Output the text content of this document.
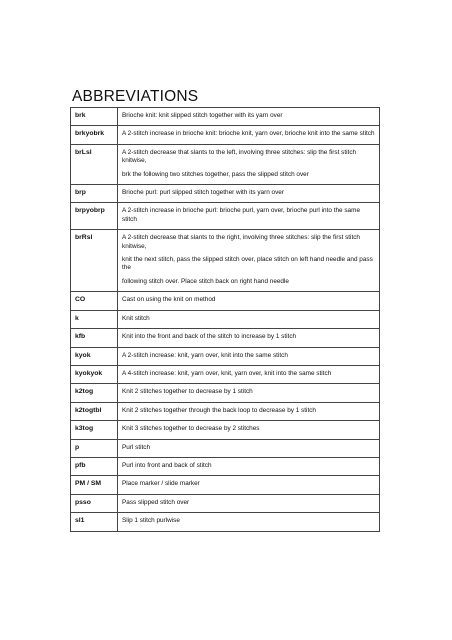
ABBREVIATIONS
brk	Brioche knit: knit slipped stitch together with its yarn over

brkyobrk	A 2-stitch increase in brioche knit: brioche knit, yarn over, brioche knit into the same stitch

brLsl	A 2-stitch decrease that slants to the left, involving three stitches: slip the first stitch knitwise,

brk the following two stitches together, pass the slipped stitch over

brp	Brioche purl: purl slipped stitch together with its yarn over

brpyobrp	A 2-stitch increase in brioche purl: brioche purl, yarn over, brioche purl into the same stitch

brRsl	A 2-stitch decrease that slants to the right, involving three stitches: slip the first stitch knitwise,

knit the next stitch, pass the slipped stitch over, place stitch on left hand needle and pass the

following stitch over. Place stitch back on right hand needle

CO	Cast on using the knit on method

k	Knit stitch

kfb	Knit into the front and back of the stitch to increase by 1 stitch

kyok	A 2-stitch increase: knit, yarn over, knit into the same stitch

kyokyok	A 4-stitch increase: knit, yarn over, knit, yarn over, knit into the same stitch

k2tog	Knit 2 stitches together to decrease by 1 stitch

k2togtbl	Knit 2 stitches together through the back loop to decrease by 1 stitch

k3tog	Knit 3 stitches together to decrease by 2 stitches

p	Purl stitch

pfb	Purl into front and back of stitch

PM / SM	Place marker / slide marker

psso	Pass slipped stitch over

sl1	Slip 1 stitch purlwise
